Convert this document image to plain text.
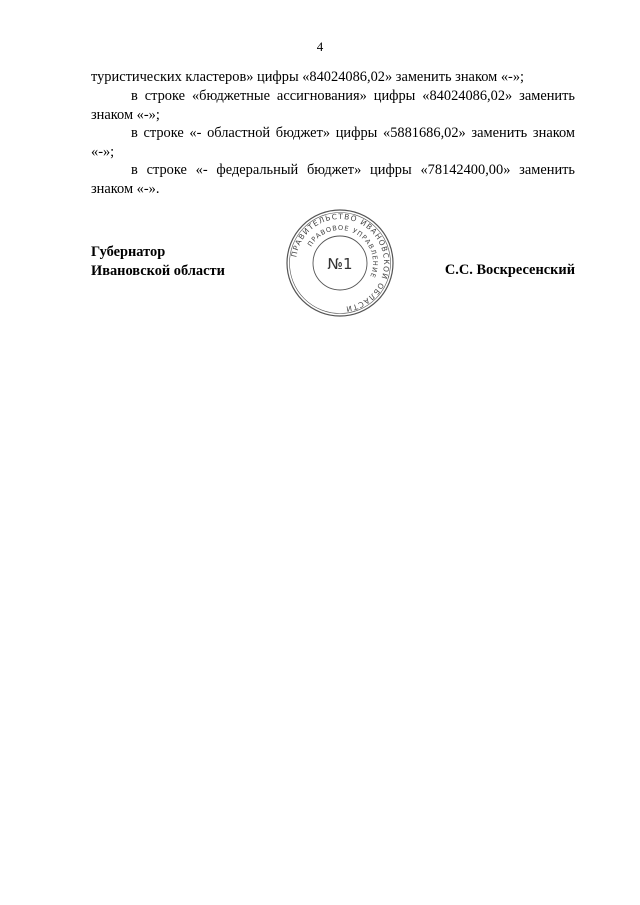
4
туристических кластеров» цифры «84024086,02» заменить знаком «-»;
в строке «бюджетные ассигнования» цифры «84024086,02» заменить знаком «-»;
в строке «- областной бюджет» цифры «5881686,02» заменить знаком «-»;
в строке «- федеральный бюджет» цифры «78142400,00» заменить знаком «-».
Губернатор
Ивановской области
ПРАВИТЕЛЬСТВО ИВАНОВСКОЙ ОБЛАСТИ
ПРАВОВОЕ УПРАВЛЕНИЕ
№1	С.С. Воскресенский
